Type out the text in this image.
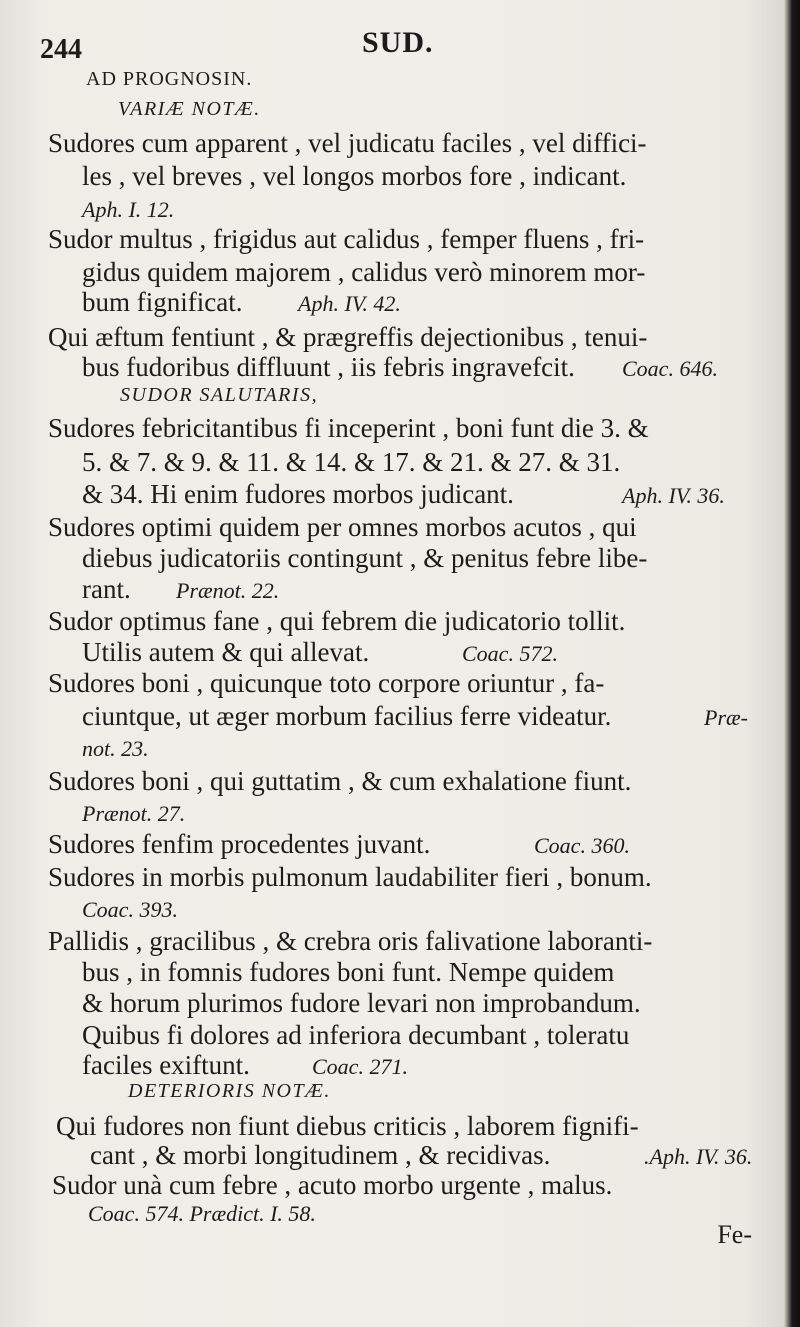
244	SUD.
AD PROGNOSIN.
VARIÆ NOTÆ.
Sudores cum apparent , vel judicatu faciles , vel diffici-
les , vel breves , vel longos morbos fore , indicant.
Aph. I. 12.
Sudor multus , frigidus aut calidus , femper fluens , fri-
gidus quidem majorem , calidus verò minorem mor-
bum fignificat.	Aph. IV. 42.
Qui æftum fentiunt , & prægreffis dejectionibus , tenui-
bus fudoribus diffluunt , iis febris ingravefcit. Coac. 646.
SUDOR SALUTARIS,
Sudores febricitantibus fi inceperint , boni funt die 3. &
5. & 7. & 9. & 11. & 14. & 17. & 21. & 27. & 31.
& 34. Hi enim fudores morbos judicant.	Aph. IV. 36.
Sudores optimi quidem per omnes morbos acutos , qui
diebus judicatoriis contingunt , & penitus febre libe-
rant. Prænot. 22.
Sudor optimus fane , qui febrem die judicatorio tollit.
Utilis autem & qui allevat.	Coac. 572.
Sudores boni , quicunque toto corpore oriuntur , fa-
ciuntque, ut æger morbum facilius ferre videatur.	Præ-
not. 23.
Sudores boni , qui guttatim , & cum exhalatione fiunt.
Prænot. 27.
Sudores fenfim procedentes juvant.	Coac. 360.
Sudores in morbis pulmonum laudabiliter fieri , bonum.
Coac. 393.
Pallidis , gracilibus , & crebra oris falivatione laboranti-
bus , in fomnis fudores boni funt. Nempe quidem
& horum plurimos fudore levari non improbandum.
Quibus fi dolores ad inferiora decumbant , toleratu
faciles exiftunt.	Coac. 271.
DETERIORIS NOTÆ.
Qui fudores non fiunt diebus criticis , laborem fignifi-
cant , & morbi longitudinem , & recidivas.	.Aph. IV. 36.
Sudor unà cum febre , acuto morbo urgente , malus.
Coac. 574. Prædict. I. 58.
Fe-
